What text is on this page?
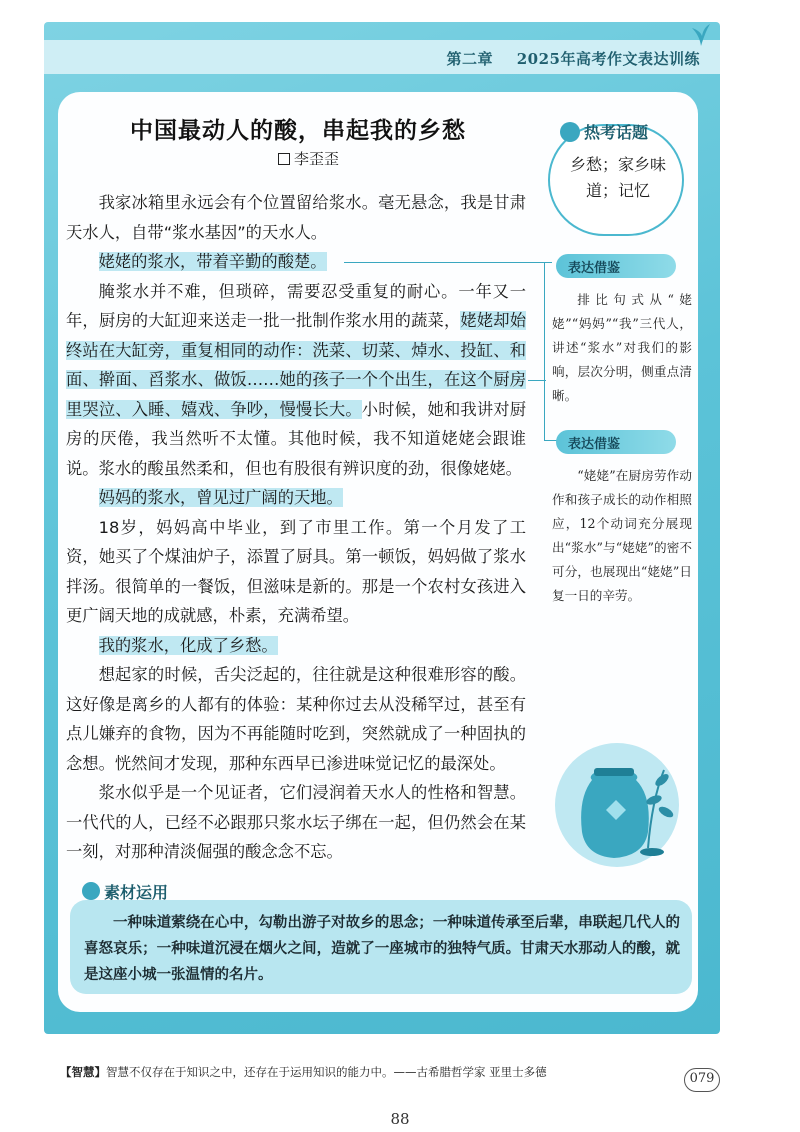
第二章 2025年高考作文表达训练
中国最动人的酸，串起我的乡愁
李歪歪

我家冰箱里永远会有个位置留给浆水。毫无悬念，我是甘肃天水人，自带“浆水基因”的天水人。

姥姥的浆水，带着辛勤的酸楚。

腌浆水并不难，但琐碎，需要忍受重复的耐心。一年又一年，厨房的大缸迎来送走一批一批制作浆水用的蔬菜，姥姥却始终站在大缸旁，重复相同的动作：洗菜、切菜、焯水、投缸、和面、擀面、舀浆水、做饭……她的孩子一个个出生，在这个厨房里哭泣、入睡、嬉戏、争吵，慢慢长大。小时候，她和我讲对厨房的厌倦，我当然听不太懂。其他时候，我不知道姥姥会跟谁说。浆水的酸虽然柔和，但也有股很有辨识度的劲，很像姥姥。

妈妈的浆水，曾见过广阔的天地。

18岁，妈妈高中毕业，到了市里工作。第一个月发了工资，她买了个煤油炉子，添置了厨具。第一顿饭，妈妈做了浆水拌汤。很简单的一餐饭，但滋味是新的。那是一个农村女孩进入更广阔天地的成就感，朴素，充满希望。

我的浆水，化成了乡愁。

想起家的时候，舌尖泛起的，往往就是这种很难形容的酸。这好像是离乡的人都有的体验：某种你过去从没稀罕过，甚至有点儿嫌弃的食物，因为不再能随时吃到，突然就成了一种固执的念想。恍然间才发现，那种东西早已渗进味觉记忆的最深处。

浆水似乎是一个见证者，它们浸润着天水人的性格和智慧。一代代的人，已经不必跟那只浆水坛子绑在一起，但仍然会在某一刻，对那种清淡倔强的酸念念不忘。

热考话题
乡愁；家乡味道；记忆
表达借鉴
排比句式从“姥姥”“妈妈”“我”三代人，讲述“浆水”对我们的影响，层次分明，侧重点清晰。
表达借鉴
“姥姥”在厨房劳作动作和孩子成长的动作相照应，12个动词充分展现出“浆水”与“姥姥”的密不可分，也展现出“姥姥”日复一日的辛劳。
素材运用
一种味道萦绕在心中，勾勒出游子对故乡的思念；一种味道传承至后辈，串联起几代人的喜怒哀乐；一种味道沉浸在烟火之间，造就了一座城市的独特气质。甘肃天水那动人的酸，就是这座小城一张温情的名片。
【智慧】智慧不仅存在于知识之中，还存在于运用知识的能力中。——古希腊哲学家 亚里士多德	079
88
